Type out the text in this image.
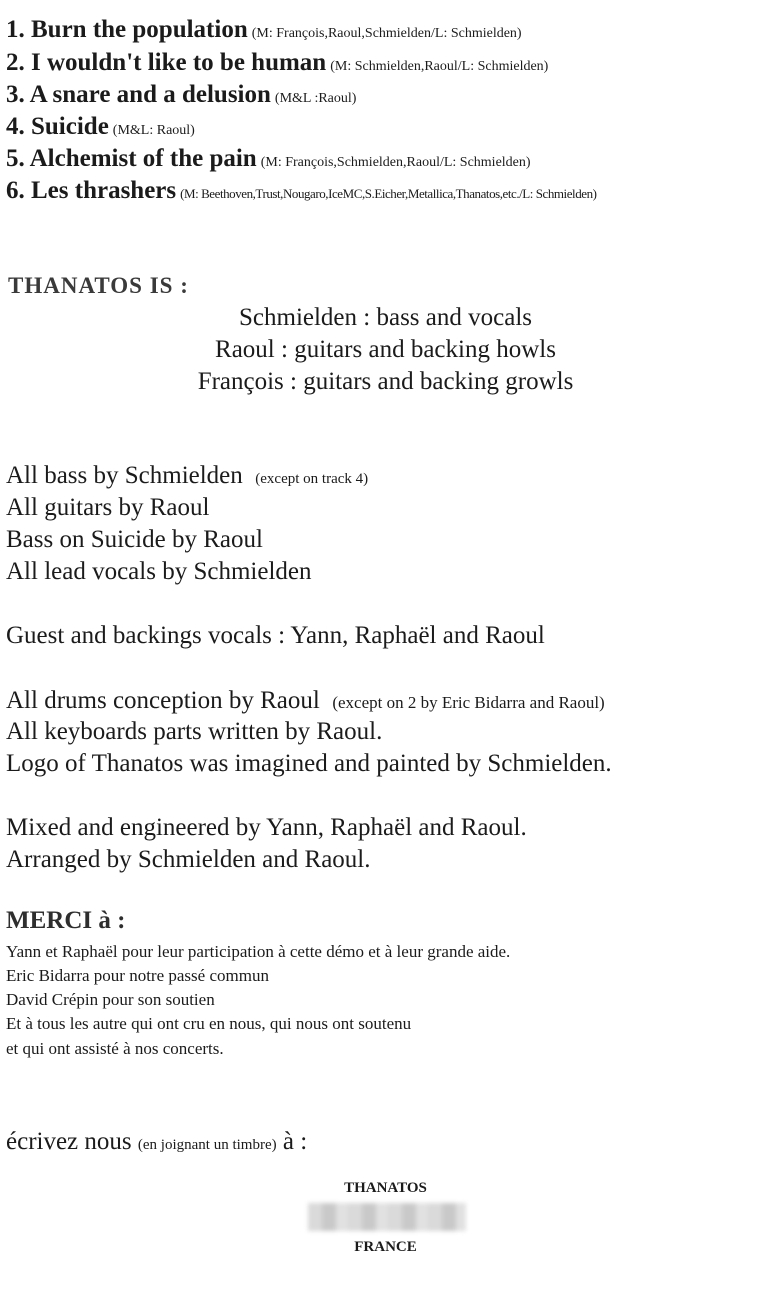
1. Burn the population (M: François,Raoul,Schmielden/L: Schmielden)
2. I wouldn't like to be human (M: Schmielden,Raoul/L: Schmielden)
3. A snare and a delusion (M&L :Raoul)
4. Suicide (M&L: Raoul)
5. Alchemist of the pain (M: François,Schmielden,Raoul/L: Schmielden)
6. Les thrashers (M: Beethoven,Trust,Nougaro,IceMC,S.Eicher,Metallica,Thanatos,etc./L: Schmielden)
THANATOS IS :
Schmielden : bass and vocals
Raoul : guitars and backing howls
François : guitars and backing growls
All bass by Schmielden (except on track 4)
All guitars by Raoul
Bass on Suicide by Raoul
All lead vocals by Schmielden
Guest and backings vocals : Yann, Raphaël and Raoul
All drums conception by Raoul (except on 2 by Eric Bidarra and Raoul)
All keyboards parts written by Raoul.
Logo of Thanatos was imagined and painted by Schmielden.
Mixed and engineered by Yann, Raphaël and Raoul.
Arranged by Schmielden and Raoul.
MERCI à :
Yann et Raphaël pour leur participation à cette démo et à leur grande aide.
Eric Bidarra pour notre passé commun
David Crépin pour son soutien
Et à tous les autre qui ont cru en nous, qui nous ont soutenu
et qui ont assisté à nos concerts.
écrivez nous (en joignant un timbre) à :
THANATOS
FRANCE
